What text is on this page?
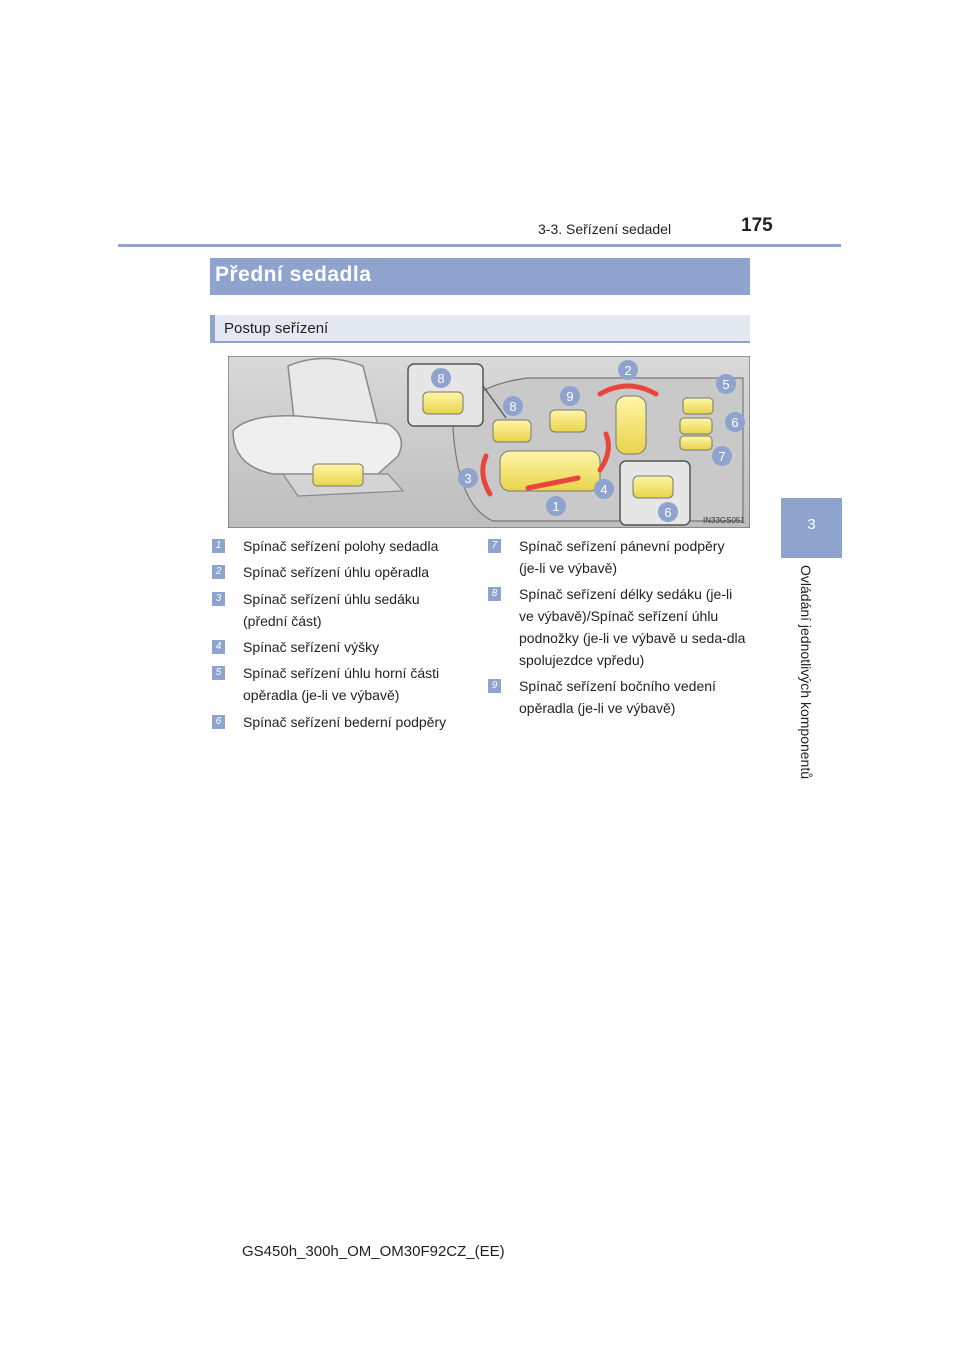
3-3. Seřízení sedadel	175
3
Ovládání jednotlivých komponentů
Přední sedadla
Postup seřízení
8
8
9
2
5
6
7
3
4
1	6
IN33GS051
1 Spínač seřízení polohy sedadla
2 Spínač seřízení úhlu opěradla
3 Spínač seřízení úhlu sedáku (přední část)
4 Spínač seřízení výšky
5 Spínač seřízení úhlu horní části opěradla (je-li ve výbavě)
6 Spínač seřízení bederní podpěry
7 Spínač seřízení pánevní podpěry (je-li ve výbavě)
8 Spínač seřízení délky sedáku (je-li ve výbavě)/Spínač seřízení úhlu podnožky (je-li ve výbavě u seda-dla spolujezdce vpředu)
9 Spínač seřízení bočního vedení opěradla (je-li ve výbavě)
GS450h_300h_OM_OM30F92CZ_(EE)
